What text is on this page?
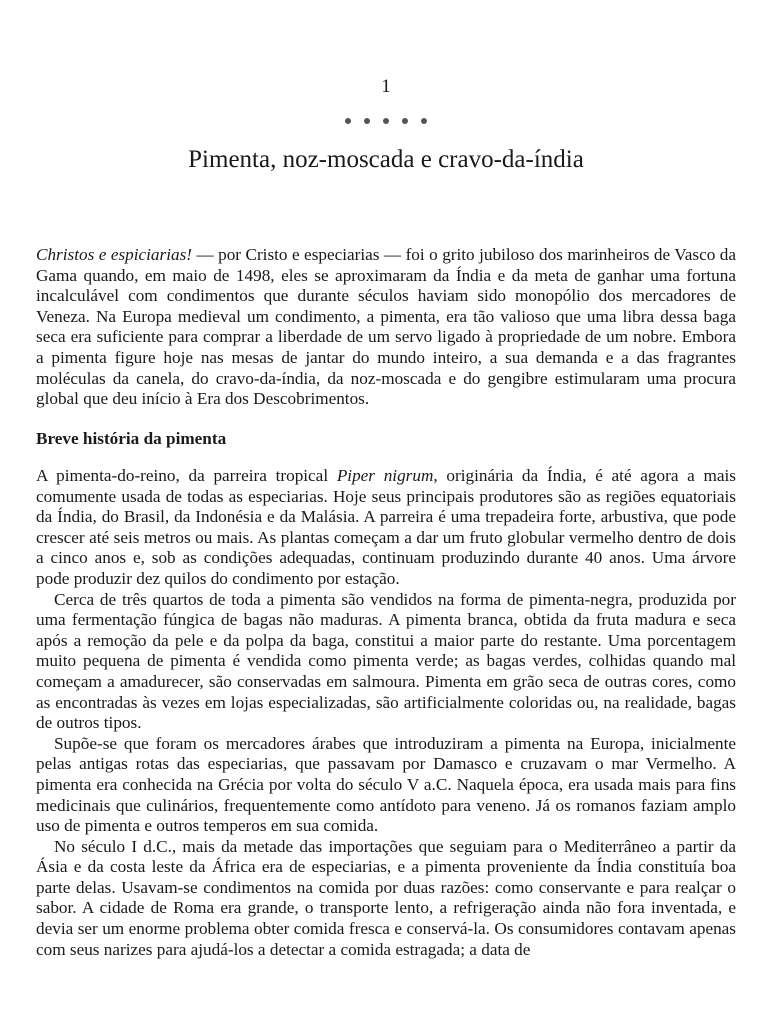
1

Pimenta, noz-moscada e cravo-da-índia

Christos e espiciarias! — por Cristo e especiarias — foi o grito jubiloso dos marinheiros de Vasco da Gama quando, em maio de 1498, eles se aproximaram da Índia e da meta de ganhar uma fortuna incalculável com condimentos que durante séculos haviam sido monopólio dos mercadores de Veneza. Na Europa medieval um condimento, a pimenta, era tão valioso que uma libra dessa baga seca era suficiente para comprar a liberdade de um servo ligado à propriedade de um nobre. Embora a pimenta figure hoje nas mesas de jantar do mundo inteiro, a sua demanda e a das fragrantes moléculas da canela, do cravo-da-índia, da noz-moscada e do gengibre estimularam uma procura global que deu início à Era dos Descobrimentos.

Breve história da pimenta

A pimenta-do-reino, da parreira tropical Piper nigrum, originária da Índia, é até agora a mais comumente usada de todas as especiarias. Hoje seus principais produtores são as regiões equatoriais da Índia, do Brasil, da Indonésia e da Malásia. A parreira é uma trepadeira forte, arbustiva, que pode crescer até seis metros ou mais. As plantas começam a dar um fruto globular vermelho dentro de dois a cinco anos e, sob as condições adequadas, continuam produzindo durante 40 anos. Uma árvore pode produzir dez quilos do condimento por estação.

Cerca de três quartos de toda a pimenta são vendidos na forma de pimenta-negra, produzida por uma fermentação fúngica de bagas não maduras. A pimenta branca, obtida da fruta madura e seca após a remoção da pele e da polpa da baga, constitui a maior parte do restante. Uma porcentagem muito pequena de pimenta é vendida como pimenta verde; as bagas verdes, colhidas quando mal começam a amadurecer, são conservadas em salmoura. Pimenta em grão seca de outras cores, como as encontradas às vezes em lojas especializadas, são artificialmente coloridas ou, na realidade, bagas de outros tipos.

Supõe-se que foram os mercadores árabes que introduziram a pimenta na Europa, inicialmente pelas antigas rotas das especiarias, que passavam por Damasco e cruzavam o mar Vermelho. A pimenta era conhecida na Grécia por volta do século V a.C. Naquela época, era usada mais para fins medicinais que culinários, frequentemente como antídoto para veneno. Já os romanos faziam amplo uso de pimenta e outros temperos em sua comida.

No século I d.C., mais da metade das importações que seguiam para o Mediterrâneo a partir da Ásia e da costa leste da África era de especiarias, e a pimenta proveniente da Índia constituía boa parte delas. Usavam-se condimentos na comida por duas razões: como conservante e para realçar o sabor. A cidade de Roma era grande, o transporte lento, a refrigeração ainda não fora inventada, e devia ser um enorme problema obter comida fresca e conservá-la. Os consumidores contavam apenas com seus narizes para ajudá-los a detectar a comida estragada; a data de
